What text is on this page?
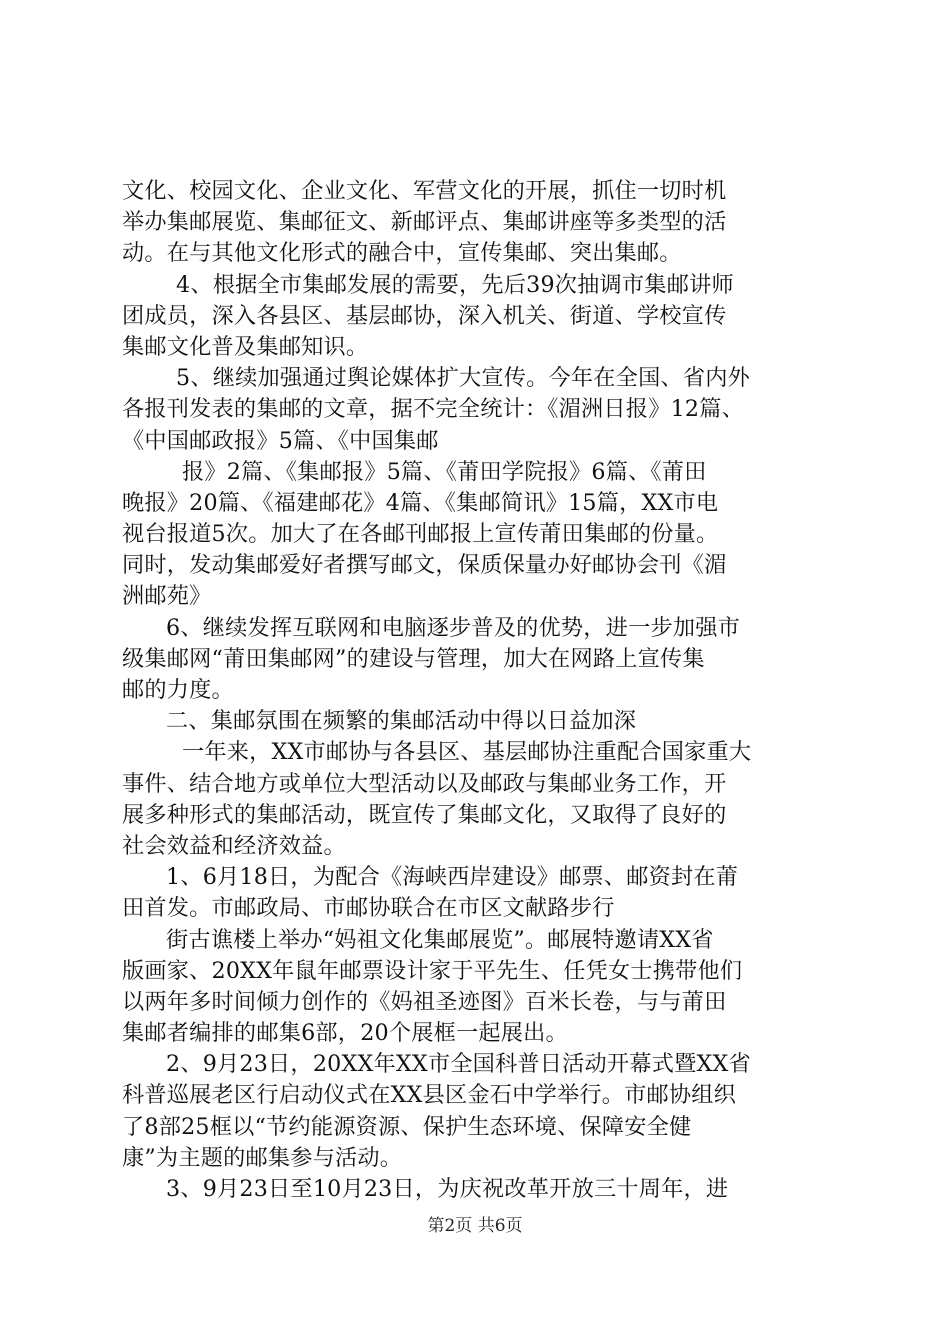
文化、校园文化、企业文化、军营文化的开展，抓住一切时机
举办集邮展览、集邮征文、新邮评点、集邮讲座等多类型的活
动。在与其他文化形式的融合中，宣传集邮、突出集邮。
4、根据全市集邮发展的需要，先后39次抽调市集邮讲师
团成员，深入各县区、基层邮协，深入机关、街道、学校宣传
集邮文化普及集邮知识。
5、继续加强通过舆论媒体扩大宣传。今年在全国、省内外
各报刊发表的集邮的文章，据不完全统计：《湄洲日报》12篇、
《中国邮政报》5篇、《中国集邮
报》2篇、《集邮报》5篇、《莆田学院报》6篇、《莆田
晚报》20篇、《福建邮花》4篇、《集邮简讯》15篇，XX市电
视台报道5次。加大了在各邮刊邮报上宣传莆田集邮的份量。
同时，发动集邮爱好者撰写邮文，保质保量办好邮协会刊《湄
洲邮苑》
6、继续发挥互联网和电脑逐步普及的优势，进一步加强市
级集邮网“莆田集邮网”的建设与管理，加大在网路上宣传集
邮的力度。
二、集邮氛围在频繁的集邮活动中得以日益加深
一年来，XX市邮协与各县区、基层邮协注重配合国家重大
事件、结合地方或单位大型活动以及邮政与集邮业务工作，开
展多种形式的集邮活动，既宣传了集邮文化，又取得了良好的
社会效益和经济效益。
1、6月18日，为配合《海峡西岸建设》邮票、邮资封在莆
田首发。市邮政局、市邮协联合在市区文献路步行
街古谯楼上举办“妈祖文化集邮展览”。邮展特邀请XX省
版画家、20XX年鼠年邮票设计家于平先生、任凭女士携带他们
以两年多时间倾力创作的《妈祖圣迹图》百米长卷，与与莆田
集邮者编排的邮集6部，20个展框一起展出。
2、9月23日，20XX年XX市全国科普日活动开幕式暨XX省
科普巡展老区行启动仪式在XX县区金石中学举行。市邮协组织
了8部25框以“节约能源资源、保护生态环境、保障安全健
康”为主题的邮集参与活动。
3、9月23日至10月23日，为庆祝改革开放三十周年，进
第2页 共6页
